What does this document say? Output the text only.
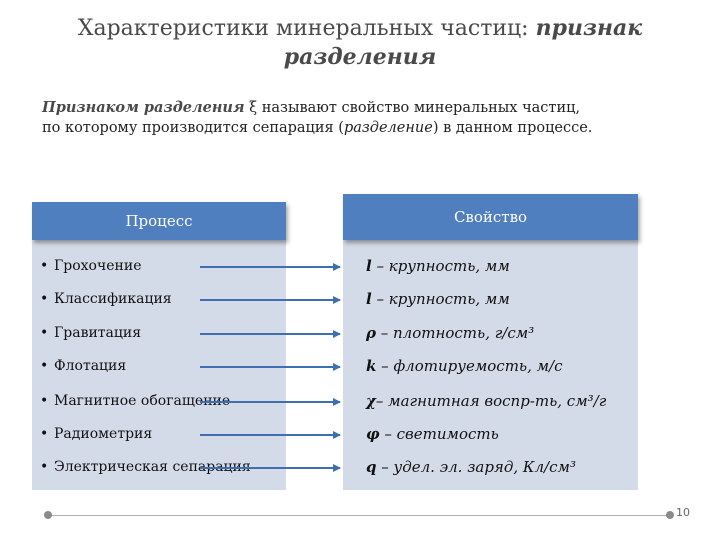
Характеристики минеральных частиц: признак
разделения
Признаком разделения ξ называют свойство минеральных частиц,
по которому производится сепарация (разделение) в данном процессе.
Процесс	Свойство
• Грохочение	l – крупность, мм
• Классификация	l – крупность, мм
• Гравитация	ρ – плотность, г/см³
• Флотация	k – флотируемость, м/с
• Магнитное обогащение	χ– магнитная воспр-ть, см³/г
• Радиометрия	φ – светимость
• Электрическая сепарация	q – удел. эл. заряд, Кл/см³
10
